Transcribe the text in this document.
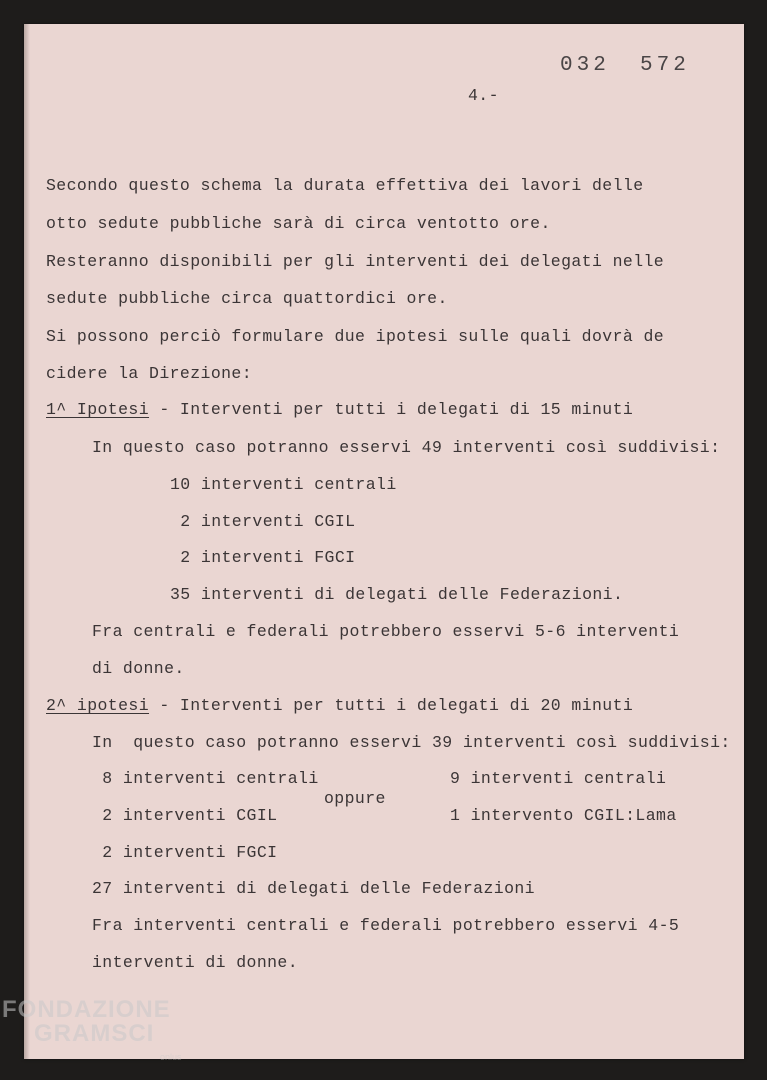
032 572
4.-
Secondo questo schema la durata effettiva dei lavori delle
otto sedute pubbliche sarà di circa ventotto ore.
Resteranno disponibili per gli interventi dei delegati nelle
sedute pubbliche circa quattordici ore.
Si possono perciò formulare due ipotesi sulle quali dovrà de
cidere la Direzione:
1^ Ipotesi - Interventi per tutti i delegati di 15 minuti
In questo caso potranno esservi 49 interventi così suddivisi:
10 interventi centrali
2 interventi CGIL
2 interventi FGCI
35 interventi di delegati delle Federazioni.
Fra centrali e federali potrebbero esservi 5-6 interventi
di donne.
2^ ipotesi - Interventi per tutti i delegati di 20 minuti
In  questo caso potranno esservi 39 interventi così suddivisi:
8 interventi centrali	9 interventi centrali
oppure
2 interventi CGIL	1 intervento CGIL:Lama
2 interventi FGCI
27 interventi di delegati delle Federazioni
Fra interventi centrali e federali potrebbero esservi 4-5
interventi di donne.
FONDAZIONE
GRAMSCI
onlus
